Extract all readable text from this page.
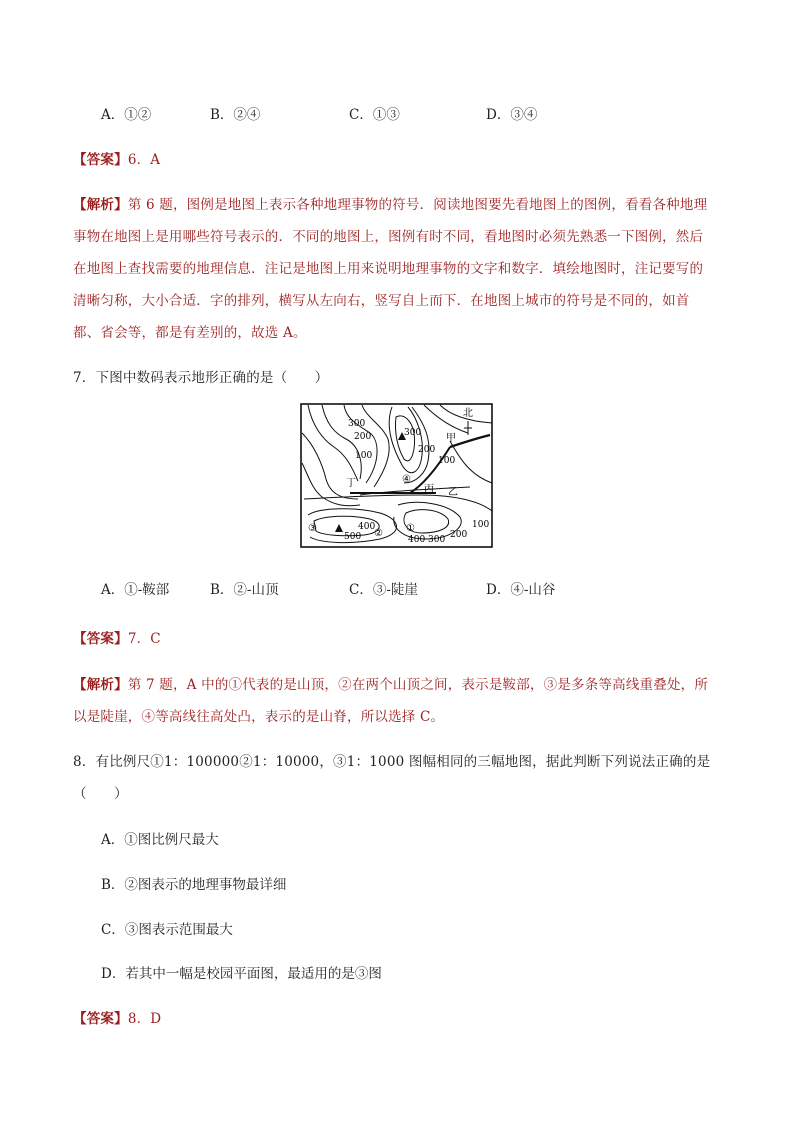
A．①②	B．②④	C．①③	D．③④
【答案】6．A
【解析】第 6 题，图例是地图上表示各种地理事物的符号．阅读地图要先看地图上的图例，看看各种地理
事物在地图上是用哪些符号表示的．不同的地图上，图例有时不同，看地图时必须先熟悉一下图例，然后
在地图上查找需要的地理信息．注记是地图上用来说明地理事物的文字和数字．填绘地图时，注记要写的
清晰匀称，大小合适．字的排列，横写从左向右，竖写自上而下．在地图上城市的符号是不同的，如首
都、省会等，都是有差别的，故选 A。
7．下图中数码表示地形正确的是（　　）
北
300
200
100
300
200
100
甲
丙 乙
丁	④
③	② ①
400
500	400 300 200
100
A．①-鞍部	B．②-山顶	C．③-陡崖	D．④-山谷
【答案】7．C
【解析】第 7 题，A 中的①代表的是山顶，②在两个山顶之间，表示是鞍部，③是多条等高线重叠处，所
以是陡崖，④等高线往高处凸，表示的是山脊，所以选择 C。
8．有比例尺①1：100000②1：10000，③1：1000 图幅相同的三幅地图，据此判断下列说法正确的是
（　　）
A．①图比例尺最大
B．②图表示的地理事物最详细
C．③图表示范围最大
D．若其中一幅是校园平面图，最适用的是③图
【答案】8．D
